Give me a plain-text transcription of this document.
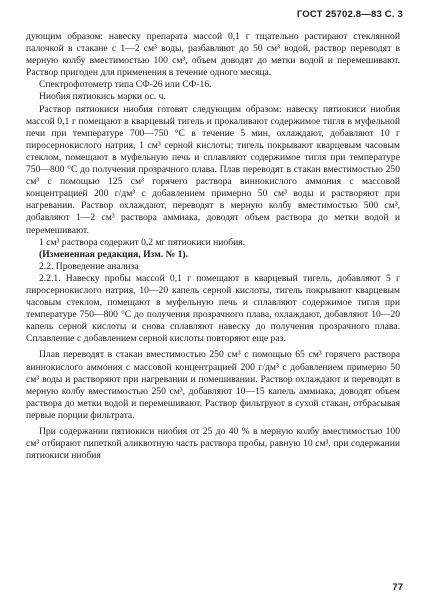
ГОСТ 25702.8—83 С. 3

дующим образом: навеску препарата массой 0,1 г тщательно растирают стеклянной палочкой в стакане с 1—2 см³ воды, разбавляют до 50 см³ водой, раствор переводят в мерную колбу вместимостью 100 см³, объем доводят до метки водой и перемешивают. Раствор пригоден для применения в течение одного месяца.

Спектрофотометр типа СФ-26 или СФ-16.

Ниобия пятиокись марки ос. ч.

Раствор пятиокиси ниобия готовят следующим образом: навеску пятиокиси ниобия массой 0,1 г помещают в кварцевый тигель и прокаливают содержимое тигля в муфельной печи при температуре 700—750 °С в течение 5 мин, охлаждают, добавляют 10 г пиросернокислого натрия, 1 см³ серной кислоты; тигель покрывают кварцевым часовым стеклом, помещают в муфельную печь и сплавляют содержимое тигля при температуре 750—800 °С до получения прозрачного плава. Плав переводят в стакан вместимостью 250 см³ с помощью 125 см³ горячего раствора виннокислого аммония с массовой концентрацией 200 г/дм³ с добавлением примерно 50 см³ воды и растворяют при нагревании. Раствор охлаждают, переводят в мерную колбу вместимостью 500 см³, добавляют 1—2 см³ раствора аммиака, доводят объем раствора до метки водой и перемешивают.

1 см³ раствора содержит 0,2 мг пятиокиси ниобия.

(Измененная редакция, Изм. № 1).

2.2. Проведение анализа

2.2.1. Навеску пробы массой 0,1 г помещают в кварцевый тигель, добавляют 5 г пиросернокислого натрия, 10—20 капель серной кислоты, тигель покрывают кварцевым часовым стеклом, помещают в муфельную печь и сплавляют содержимое тигля при температуре 750—800 °С до получения прозрачного плава, охлаждают, добавляют 10—20 капель серной кислоты и снова сплавляют навеску до получения прозрачного плава. Сплавление с добавлением серной кислоты повторяют еще раз.

Плав переводят в стакан вместимостью 250 см³ с помощью 65 см³ горячего раствора виннокислого аммония с массовой концентрацией 200 г/дм³ с добавлением примерно 50 см³ воды и растворяют при нагревании и помешивании. Раствор охлаждают и переводят в мерную колбу вместимостью 250 см³, добавляют 10—15 капель аммиака, доводят объем раствора до метки водой и перемешивают. Раствор фильтруют в сухой стакан, отбрасывая первые порции фильтрата.

При содержании пятиокиси ниобия от 25 до 40 % в мерную колбу вместимостью 100 см³ отбирают пипеткой аликвотную часть раствора пробы, равную 10 см³, при содержании пятиокиси ниобия

77
